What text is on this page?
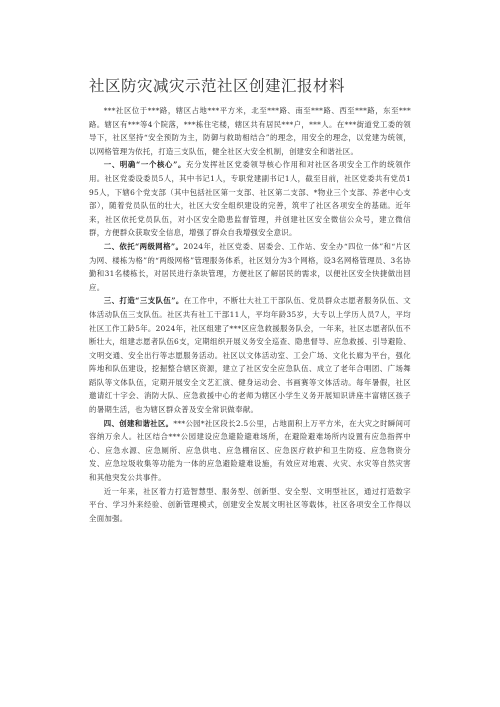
社区防灾减灾示范社区创建汇报材料

***社区位于***路，辖区占地***平方米，北至***路、南至***路、西至***路，东至***路。辖区有***等4个院落，***栋住宅楼，辖区共有居民***户，***人。在***街道党工委的领导下，社区坚持“安全预防为主，防御与救助相结合”的理念，用安全的理念，以党建为统领，以网格管理为依托，打造三支队伍，健全社区大安全机制，创建安全和谐社区。

一、明确“一个核心”。充分发挥社区党委领导核心作用和对社区各项安全工作的统领作用。社区党委设委员5人，其中书记1人，专职党建副书记1人，截至目前，社区党委共有党员195人，下辖6个党支部（其中包括社区第一支部、社区第二支部、*物业三个支部、养老中心支部），随着党员队伍的壮大，社区大安全组织建设的完善，筑牢了社区各项安全的基础。近年来，社区依托党员队伍，对小区安全隐患监督管理，并创建社区安全微信公众号，建立微信群，方便群众获取安全信息，增强了群众自我增强安全意识。

二、依托“两级网格”。2024年，社区党委、居委会、工作站、安全办“四位一体”和“片区为网、楼栋为格”的“两级网格”管理服务体系，社区划分为3个网格，设3名网格管理员、3名协勤和31名楼栋长，对居民进行条块管理，方便社区了解居民的需求，以便社区安全快捷做出回应。

三、打造“三支队伍”。在工作中，不断壮大社工干部队伍、党员群众志愿者服务队伍、文体活动队伍三支队伍。社区共有社工干部11人，平均年龄35岁，大专以上学历人员7人，平均社区工作工龄5年。2024年，社区组建了***区应急救援服务队会，一年来，社区志愿者队伍不断壮大，组建志愿者队伍6支，定期组织开展义务安全巡查、隐患督导、应急救援、引导避险、文明交通、安全出行等志愿服务活动。社区以文体活动室、工会广场、文化长廊为平台，强化阵地和队伍建设，挖掘整合辖区资源，建立了社区安全应急队伍、成立了老年合唱团、广场舞蹈队等文体队伍，定期开展安全文艺汇演、健身运动会、书画赛等文体活动。每年暑假，社区邀请红十字会、消防大队、应急救援中心的老师为辖区小学生义务开展知识讲座丰富辖区孩子的暑期生活，也为辖区群众普及安全常识做奉献。

四、创建和谐社区。***公园*社区段长2.5公里，占地面积上万平方米，在大灾之时瞬间可容纳万余人。社区结合***公园建设应急避险避难场所，在避险避难场所内设置有应急指挥中心、应急水源、应急厕所、应急供电、应急棚宿区、应急医疗救护和卫生防疫、应急物资分发、应急垃圾收集等功能为一体的应急避险避难设施，有效应对地震、火灾、水灾等自然灾害和其他突发公共事件。

近一年来，社区着力打造智慧型、服务型、创新型、安全型、文明型社区，通过打造数字平台、学习外来经验、创新管理模式，创建安全发展文明社区等载体，社区各项安全工作得以全面加强。
